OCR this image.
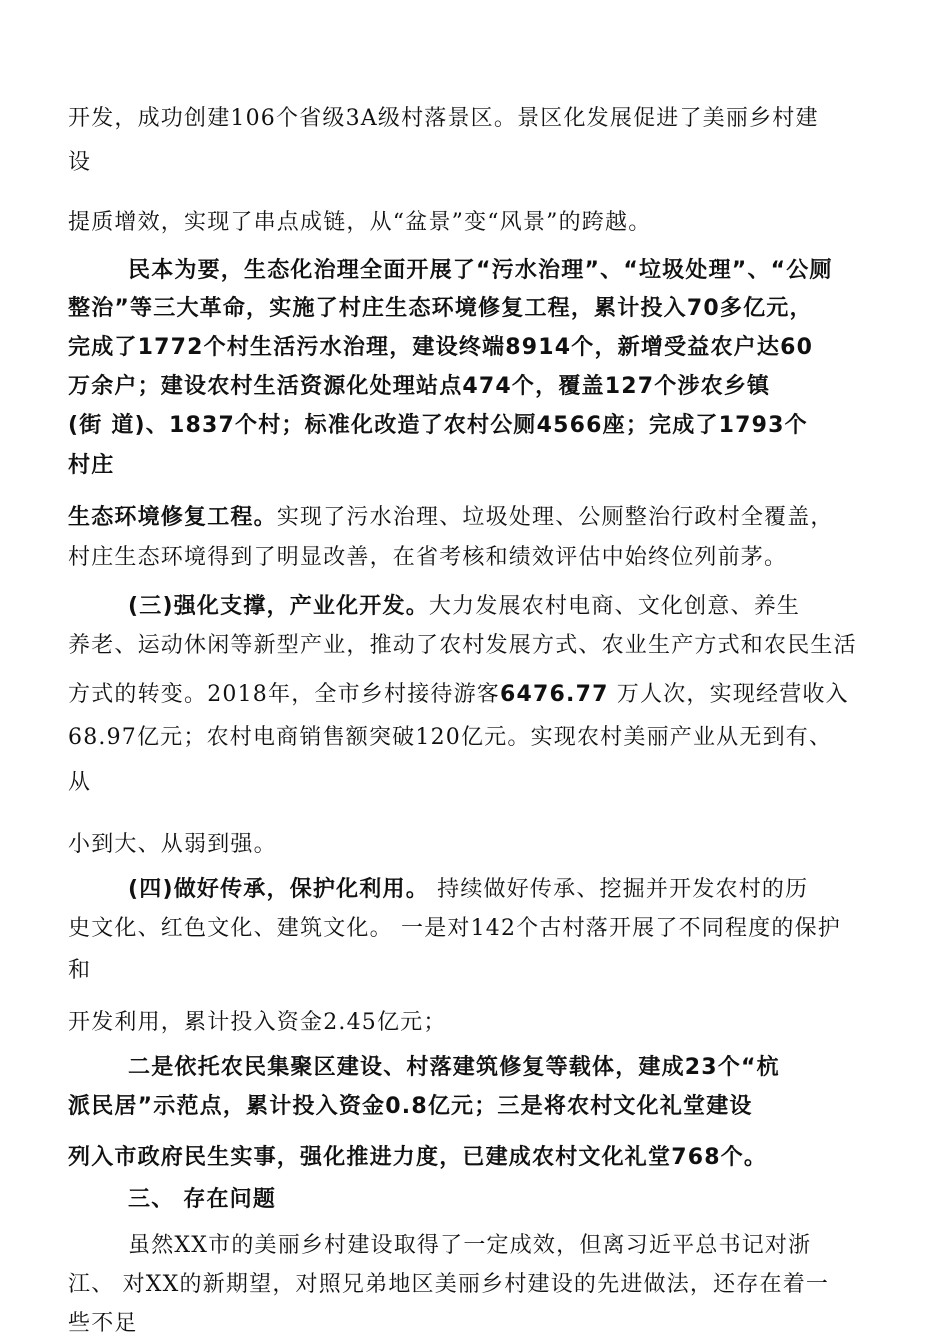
开发，成功创建106个省级3A级村落景区。景区化发展促进了美丽乡村建

设

提质增效，实现了串点成链，从“盆景”变“风景”的跨越。

民本为要，生态化治理全面开展了“污水治理”、“垃圾处理”、“公厕

整治”等三大革命，实施了村庄生态环境修复工程，累计投入70多亿元，

完成了1772个村生活污水治理，建设终端8914个，新增受益农户达60

万余户；建设农村生活资源化处理站点474个，覆盖127个涉农乡镇

(街 道)、1837个村；标准化改造了农村公厕4566座；完成了1793个

村庄

生态环境修复工程。实现了污水治理、垃圾处理、公厕整治行政村全覆盖，

村庄生态环境得到了明显改善，在省考核和绩效评估中始终位列前茅。

(三)强化支撑，产业化开发。大力发展农村电商、文化创意、养生

养老、运动休闲等新型产业，推动了农村发展方式、农业生产方式和农民生活

方式的转变。2018年，全市乡村接待游客6476.77 万人次，实现经营收入

68.97亿元；农村电商销售额突破120亿元。实现农村美丽产业从无到有、

从

小到大、从弱到强。

(四)做好传承，保护化利用。 持续做好传承、挖掘并开发农村的历

史文化、红色文化、建筑文化。 一是对142个古村落开展了不同程度的保护

和

开发利用，累计投入资金2.45亿元；

二是依托农民集聚区建设、村落建筑修复等载体，建成23个“杭

派民居”示范点，累计投入资金0.8亿元；三是将农村文化礼堂建设

列入市政府民生实事，强化推进力度，已建成农村文化礼堂768个。

三、 存在问题

虽然XX市的美丽乡村建设取得了一定成效，但离习近平总书记对浙

江、 对XX的新期望，对照兄弟地区美丽乡村建设的先进做法，还存在着一

些不足
